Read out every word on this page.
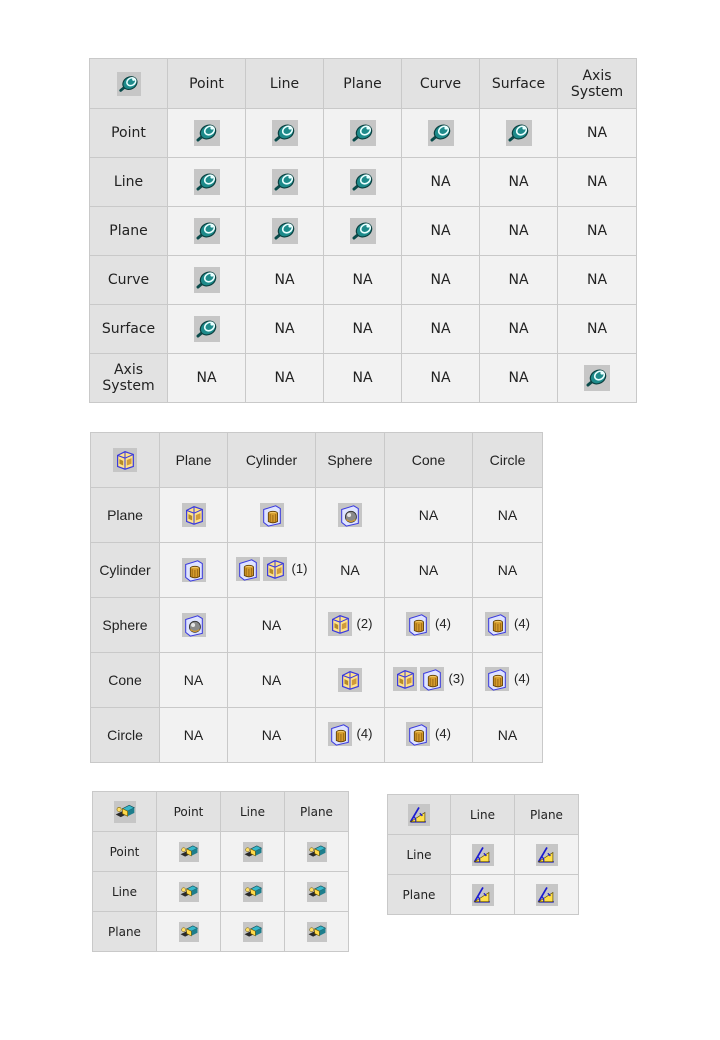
	Point	Line	Plane	Curve	Surface	Axis System
Point						NA
Line				NA	NA	NA
Plane				NA	NA	NA
Curve		NA	NA	NA	NA	NA
Surface		NA	NA	NA	NA	NA
Axis System	NA	NA	NA	NA	NA	
	Plane	Cylinder	Sphere	Cone	Circle
Plane				NA	NA
Cylinder		(1)	NA	NA	NA
Sphere		NA	(2)	(4)	(4)

Cone	NA	NA		(3)	(4)

Circle	NA	NA	(4)	(4)	NA
	Point	Line	Plane
Point			
Line			
Plane			
	Line	Plane
Line		
Plane		
